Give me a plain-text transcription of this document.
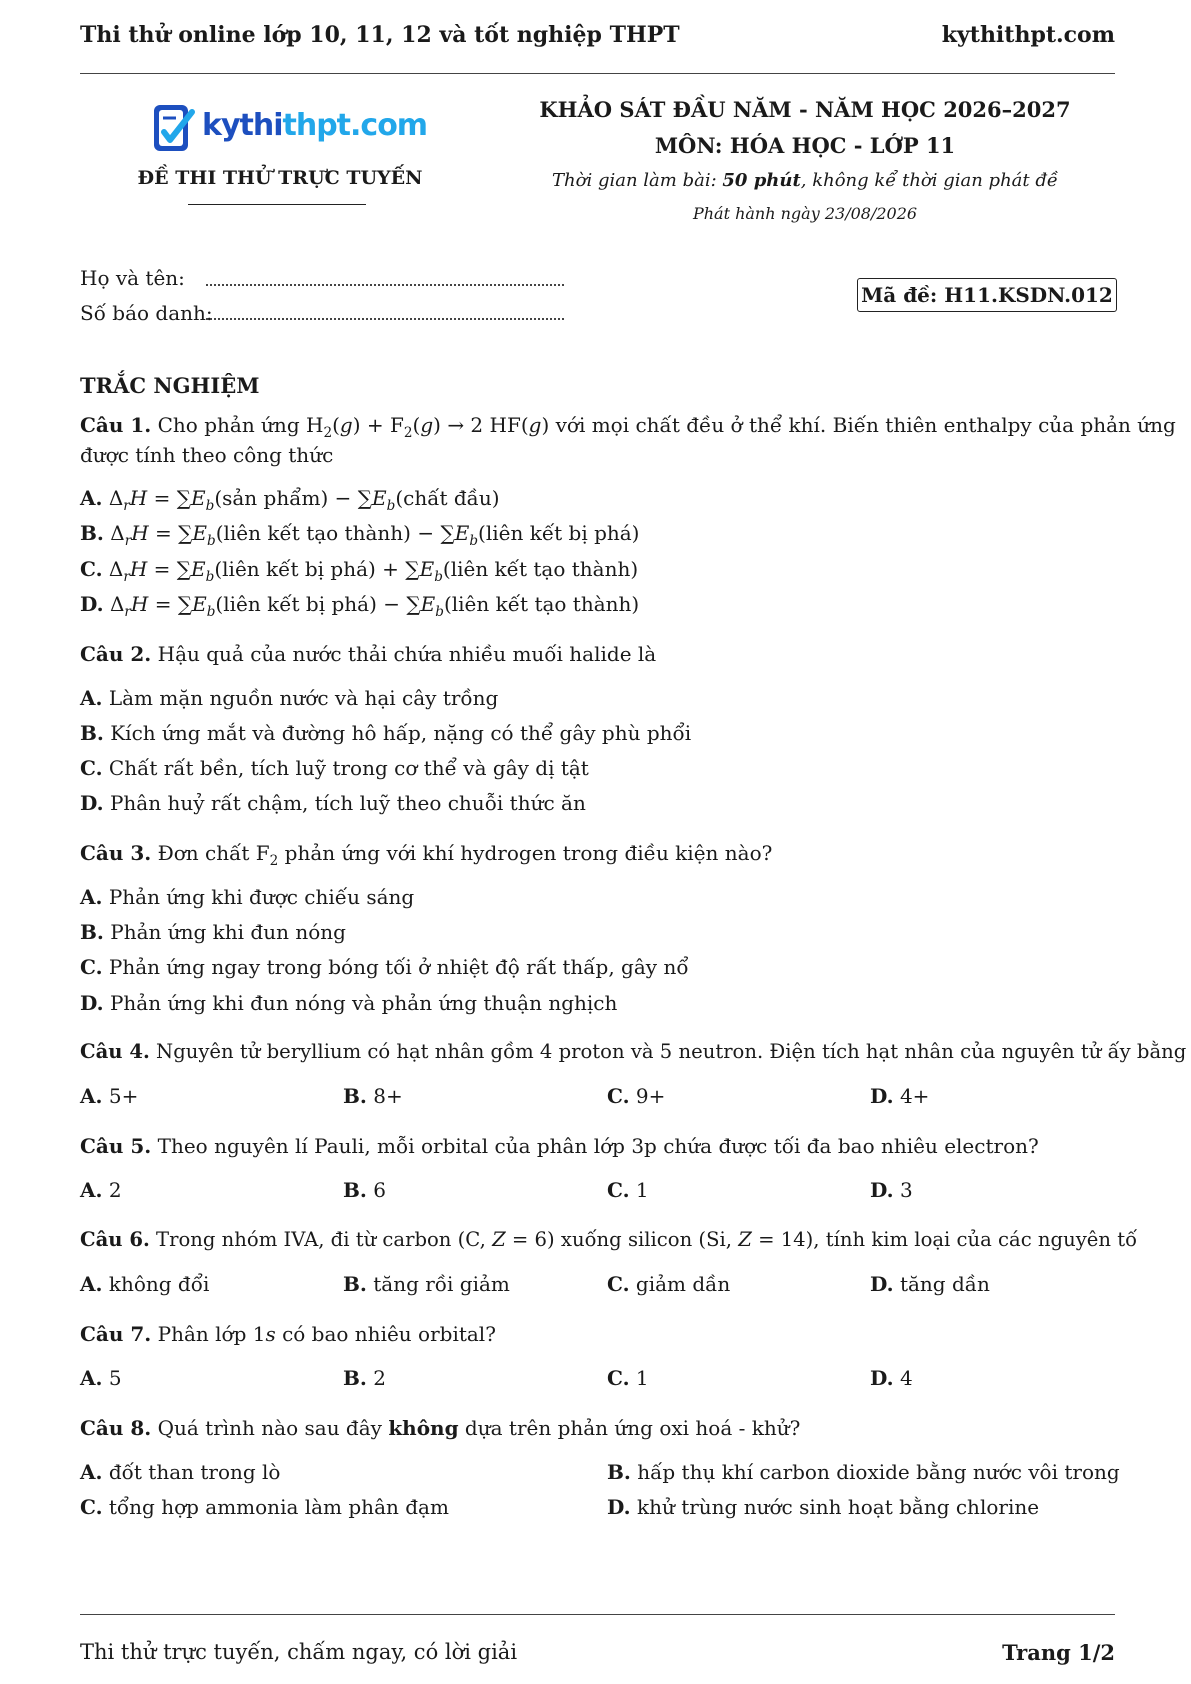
Thi thử online lớp 10, 11, 12 và tốt nghiệp THPT	kythithpt.com
kythithpt.com
ĐỀ THI THỬ TRỰC TUYẾN
KHẢO SÁT ĐẦU NĂM - NĂM HỌC 2026–2027
MÔN: HÓA HỌC - LỚP 11
Thời gian làm bài: 50 phút, không kể thời gian phát đề
Phát hành ngày 23/08/2026
Họ và tên:
Số báo danh:
Mã đề: H11.KSDN.012
TRẮC NGHIỆM
Câu 1. Cho phản ứng $H_2(g) + F_2(g) \to 2$ HF(g) với mọi chất đều ở thể khí. Biến thiên enthalpy của phản ứng
được tính theo công thức
A. $\Delta_rH$ = $\sum E_b(sản$ phẩm) − $\sum E_b(chất$ đầu)
B. $\Delta_rH$ = $\sum E_b(liên$ kết tạo thành) − $\sum E_b(liên$ kết bị phá)
C. $\Delta_rH$ = $\sum E_b(liên$ kết bị phá) + $\sum E_b(liên$ kết tạo thành)
D. $\Delta_rH$ = $\sum E_b(liên$ kết bị phá) − $\sum E_b(liên$ kết tạo thành)
Câu 2. Hậu quả của nước thải chứa nhiều muối halide là
A. Làm mặn nguồn nước và hại cây trồng
B. Kích ứng mắt và đường hô hấp, nặng có thể gây phù phổi
C. Chất rất bền, tích luỹ trong cơ thể và gây dị tật
D. Phân huỷ rất chậm, tích luỹ theo chuỗi thức ăn
Câu 3. Đơn chất $F_2$ phản ứng với khí hydrogen trong điều kiện nào?
A. Phản ứng khi được chiếu sáng
B. Phản ứng khi đun nóng
C. Phản ứng ngay trong bóng tối ở nhiệt độ rất thấp, gây nổ
D. Phản ứng khi đun nóng và phản ứng thuận nghịch
Câu 4. Nguyên tử beryllium có hạt nhân gồm 4 proton và 5 neutron. Điện tích hạt nhân của nguyên tử ấy bằng
A. 5+	B. 8+	C. 9+	D. 4+
Câu 5. Theo nguyên lí Pauli, mỗi orbital của phân lớp 3p chứa được tối đa bao nhiêu electron?
A. 2	B. 6	C. 1	D. 3
Câu 6. Trong nhóm IVA, đi từ carbon (C, Z = 6) xuống silicon (Si, Z = 14), tính kim loại của các nguyên tố
A. không đổi	B. tăng rồi giảm	C. giảm dần	D. tăng dần
Câu 7. Phân lớp 1s có bao nhiêu orbital?
A. 5	B. 2	C. 1	D. 4
Câu 8. Quá trình nào sau đây không dựa trên phản ứng oxi hoá - khử?
A. đốt than trong lò	B. hấp thụ khí carbon dioxide bằng nước vôi trong
C. tổng hợp ammonia làm phân đạm	D. khử trùng nước sinh hoạt bằng chlorine
Thi thử trực tuyến, chấm ngay, có lời giải	Trang 1/2
